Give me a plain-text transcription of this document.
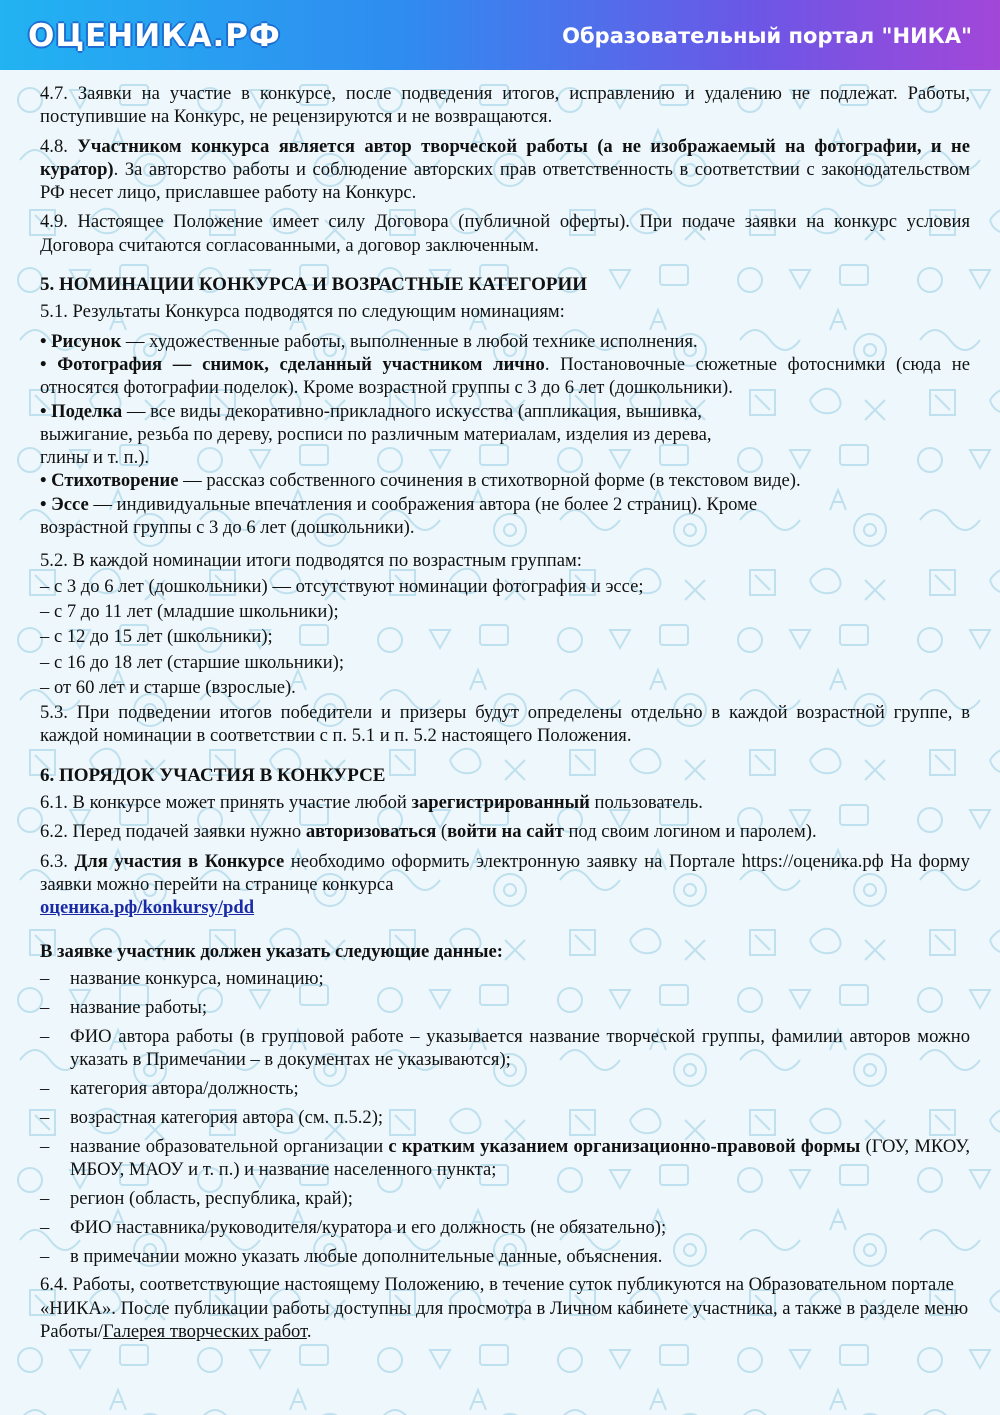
ОЦЕНИКА.РФ	Образовательный портал "НИКА"

4.7. Заявки на участие в конкурсе, после подведения итогов, исправлению и удалению не подлежат. Работы, поступившие на Конкурс, не рецензируются и не возвращаются.

4.8. Участником конкурса является автор творческой работы (а не изображаемый на фотографии, и не куратор). За авторство работы и соблюдение авторских прав ответственность в соответствии с законодательством РФ несет лицо, приславшее работу на Конкурс.

4.9. Настоящее Положение имеет силу Договора (публичной оферты). При подаче заявки на конкурс условия Договора считаются согласованными, а договор заключенным.

5. НОМИНАЦИИ КОНКУРСА И ВОЗРАСТНЫЕ КАТЕГОРИИ

5.1. Результаты Конкурса подводятся по следующим номинациям:

• Рисунок — художественные работы, выполненные в любой технике исполнения.

• Фотография — снимок, сделанный участником лично. Постановочные сюжетные фотоснимки (сюда не относятся фотографии поделок). Кроме возрастной группы с 3 до 6 лет (дошкольники).

• Поделка — все виды декоративно-прикладного искусства (аппликация, вышивка,

выжигание, резьба по дереву, росписи по различным материалам, изделия из дерева,

глины и т. п.).

• Стихотворение — рассказ собственного сочинения в стихотворной форме (в текстовом виде).

• Эссе — индивидуальные впечатления и соображения автора (не более 2 страниц). Кроме

возрастной группы с 3 до 6 лет (дошкольники).

5.2. В каждой номинации итоги подводятся по возрастным группам:

– с 3 до 6 лет (дошкольники) — отсутствуют номинации фотография и эссе;

– с 7 до 11 лет (младшие школьники);

– с 12 до 15 лет (школьники);

– с 16 до 18 лет (старшие школьники);

– от 60 лет и старше (взрослые).

5.3. При подведении итогов победители и призеры будут определены отдельно в каждой возрастной группе, в каждой номинации в соответствии с п. 5.1 и п. 5.2 настоящего Положения.

6. ПОРЯДОК УЧАСТИЯ В КОНКУРСЕ

6.1. В конкурсе может принять участие любой зарегистрированный пользователь.

6.2. Перед подачей заявки нужно авторизоваться (войти на сайт под своим логином и паролем).

6.3. Для участия в Конкурсе необходимо оформить электронную заявку на Портале https://оценика.рф На форму заявки можно перейти на странице конкурса

оценика.рф/konkursy/pdd

В заявке участник должен указать следующие данные:

–	название конкурса, номинацию;
–	название работы;
–	ФИО автора работы (в групповой работе – указывается название творческой группы, фамилии авторов можно указать в Примечании – в документах не указываются);
–	категория автора/должность;
–	возрастная категория автора (см. п.5.2);
–	название образовательной организации с кратким указанием организационно-правовой формы (ГОУ, МКОУ, МБОУ, МАОУ и т. п.) и название населенного пункта;
–	регион (область, республика, край);
–	ФИО наставника/руководителя/куратора и его должность (не обязательно);
–	в примечании можно указать любые дополнительные данные, объяснения.

6.4. Работы, соответствующие настоящему Положению, в течение суток публикуются на Образовательном портале «НИКА». После публикации работы доступны для просмотра в Личном кабинете участника, а также в разделе меню Работы/Галерея творческих работ.
